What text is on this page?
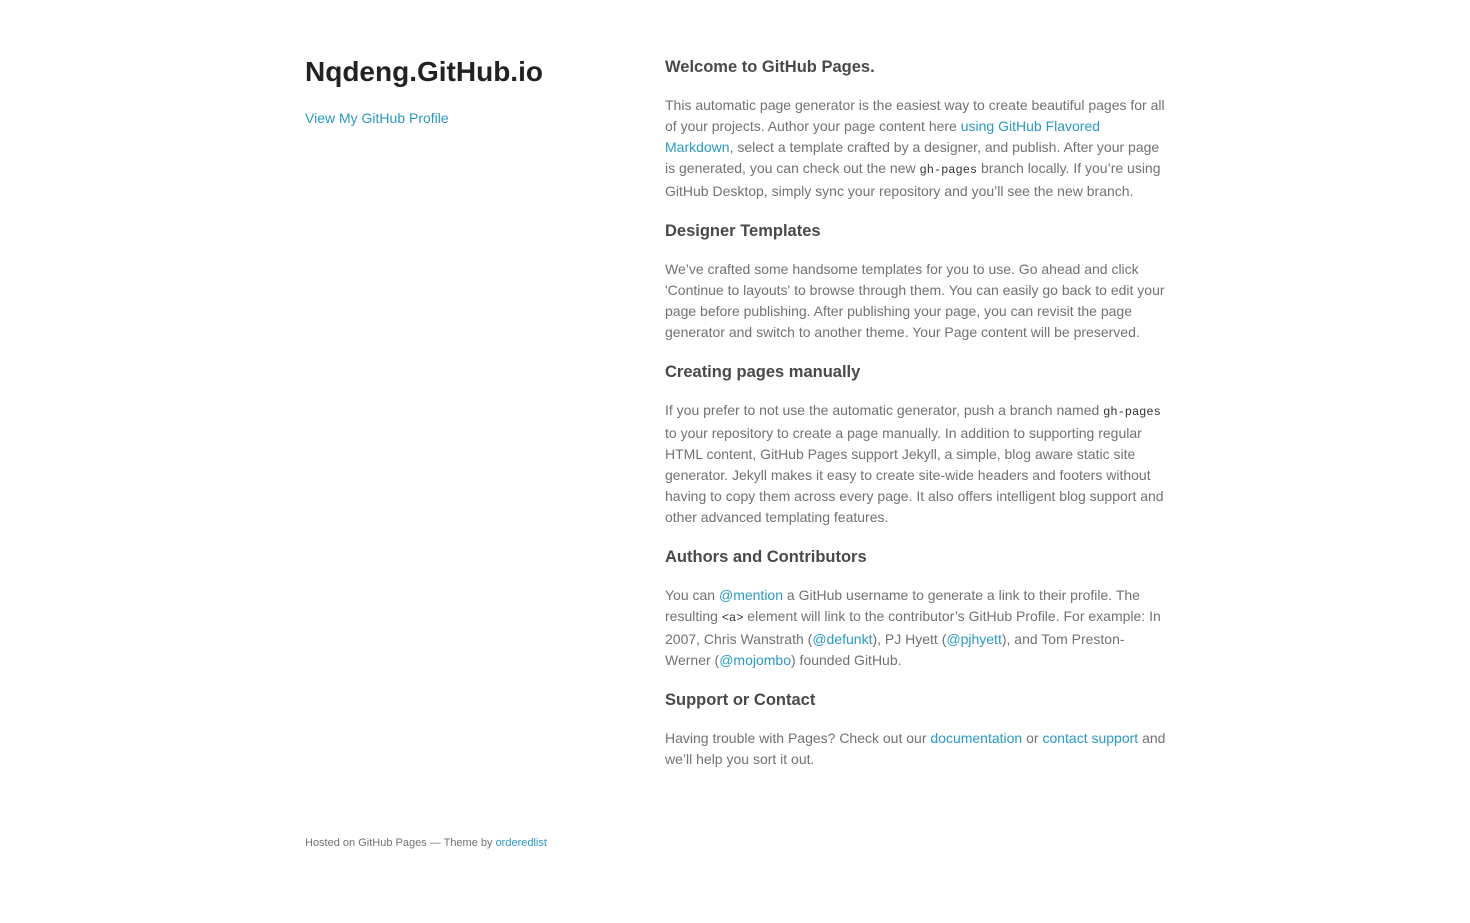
Nqdeng.GitHub.io
View My GitHub Profile
Welcome to GitHub Pages.

This automatic page generator is the easiest way to create beautiful pages for all of your projects. Author your page content here using GitHub Flavored Markdown, select a template crafted by a designer, and publish. After your page is generated, you can check out the new gh-pages branch locally. If you’re using GitHub Desktop, simply sync your repository and you’ll see the new branch.

Designer Templates

We’ve crafted some handsome templates for you to use. Go ahead and click 'Continue to layouts' to browse through them. You can easily go back to edit your page before publishing. After publishing your page, you can revisit the page generator and switch to another theme. Your Page content will be preserved.

Creating pages manually

If you prefer to not use the automatic generator, push a branch named gh-pages to your repository to create a page manually. In addition to supporting regular HTML content, GitHub Pages support Jekyll, a simple, blog aware static site generator. Jekyll makes it easy to create site-wide headers and footers without having to copy them across every page. It also offers intelligent blog support and other advanced templating features.

Authors and Contributors

You can @mention a GitHub username to generate a link to their profile. The resulting <a> element will link to the contributor’s GitHub Profile. For example: In 2007, Chris Wanstrath (@defunkt), PJ Hyett (@pjhyett), and Tom Preston-Werner (@mojombo) founded GitHub.

Support or Contact

Having trouble with Pages? Check out our documentation or contact support and we’ll help you sort it out.

Hosted on GitHub Pages — Theme by orderedlist
